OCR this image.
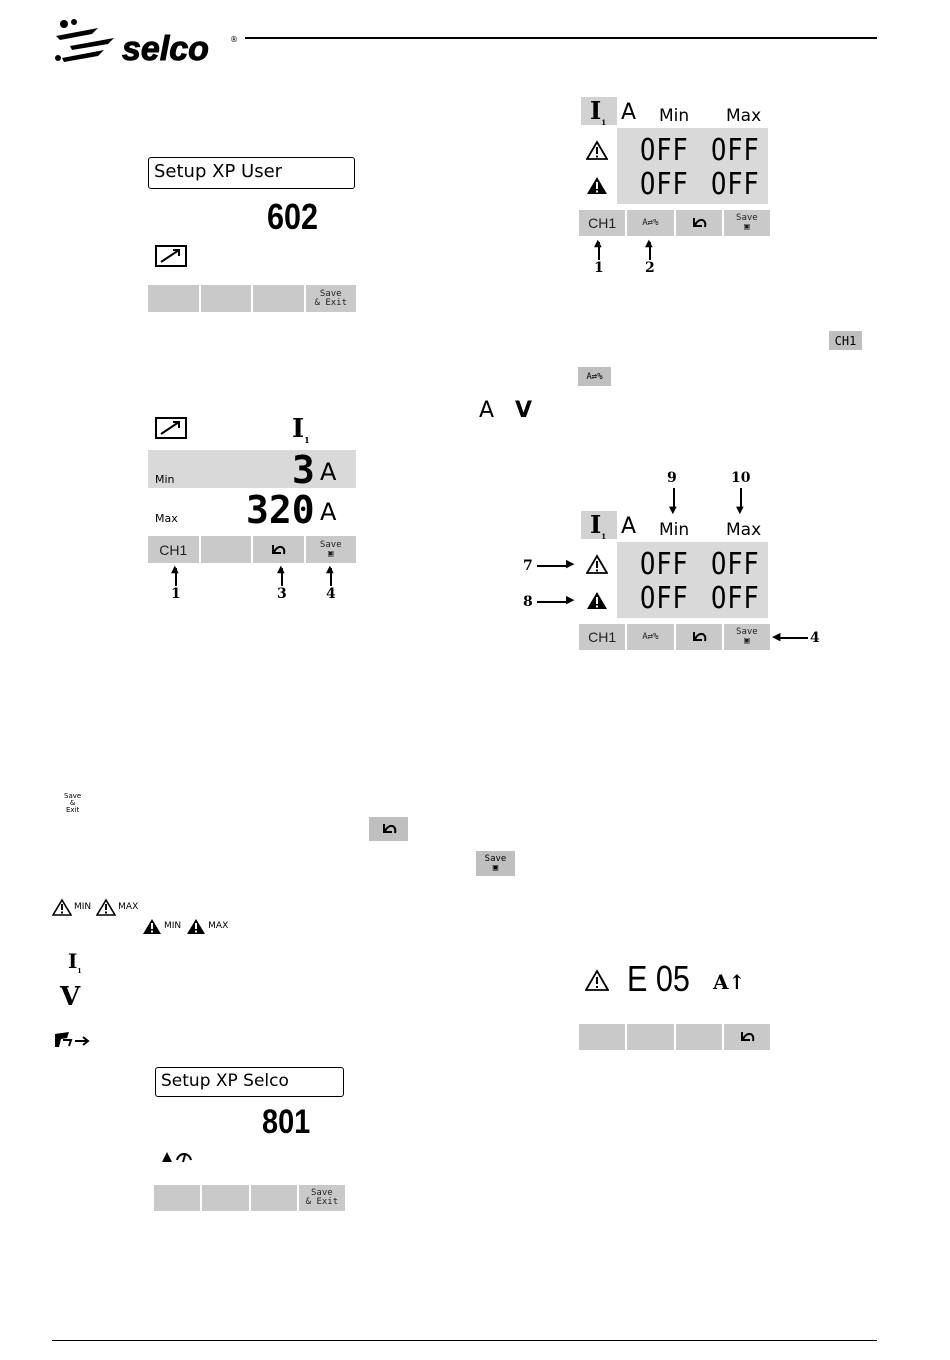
selco	®
Setup XP User
602
Save
& Exit
$I_1$
Min	3 A
Max 320 A
CH1	Save
▣
▲
1
▲
3
▲
4
$I_1$ A Min Max
OFF OFF
OFF OFF
CH1	A⇄%	Save
▣
▲
1
▲
2
CH1
A⇄%
A V
9
▼
10
▼
$I_1$ A Min Max
7	▶
8	▶
OFF OFF
OFF OFF
CH1	A⇄%	Save
▣	◀ 4
Save
&
Exit
Save
▣
MIN	MAX
MIN	MAX
$I_1$
V	E 05 A↑
Setup XP Selco
801
Save
& Exit
